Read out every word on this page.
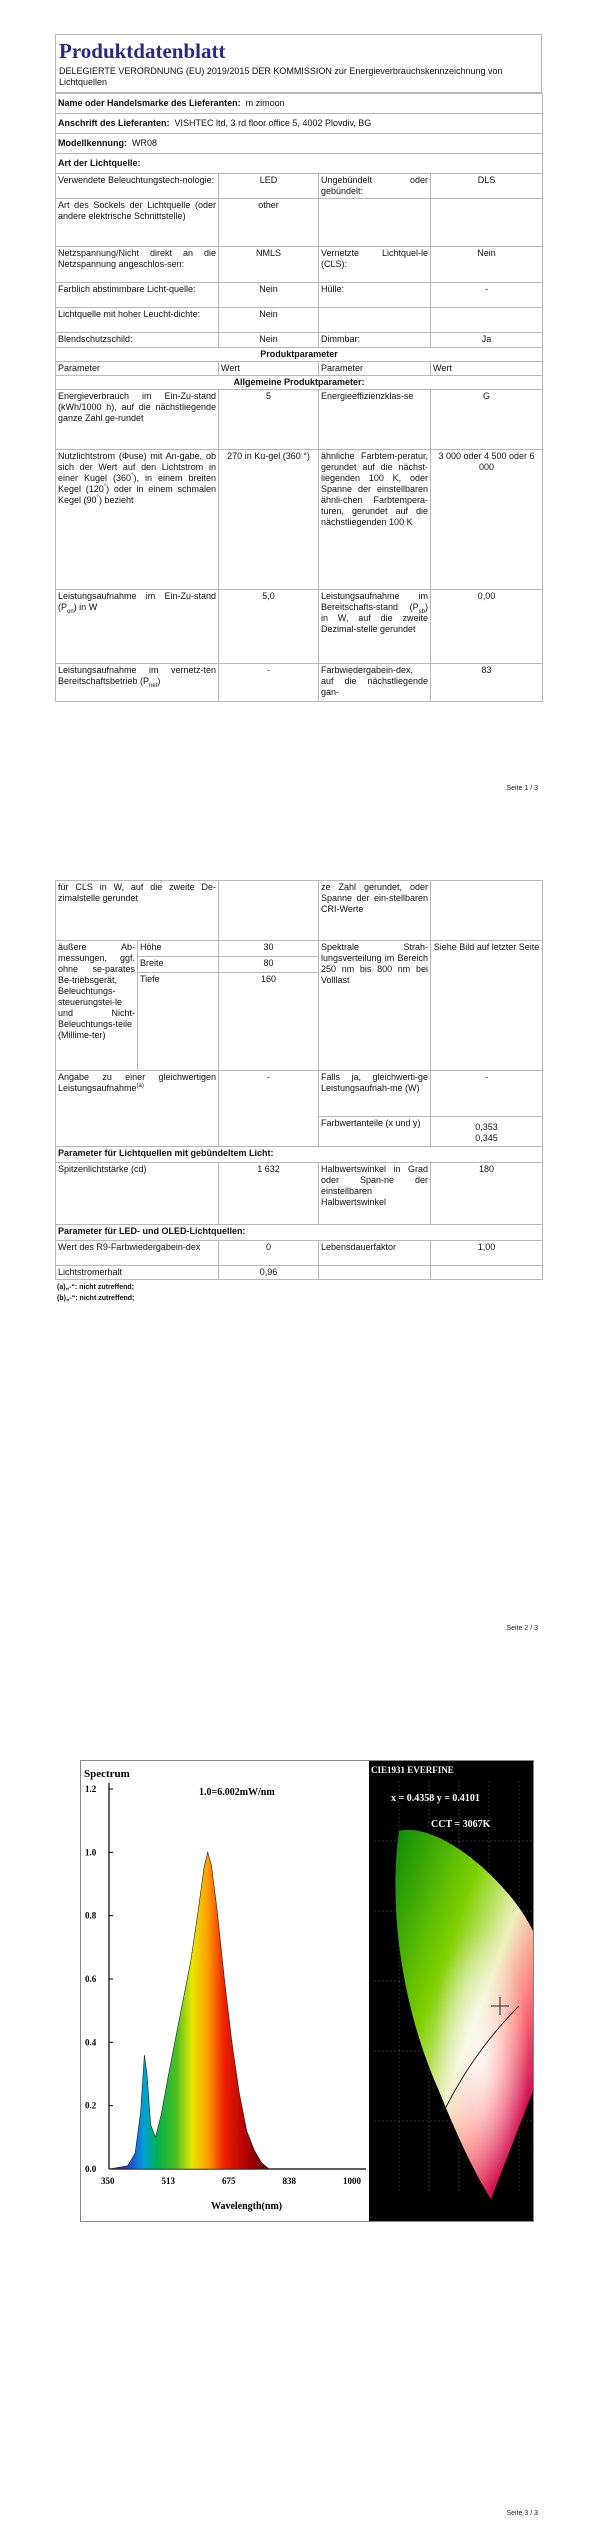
Produktdatenblatt
DELEGIERTE VERORDNUNG (EU) 2019/2015 DER KOMMISSION zur Energieverbrauchskennzeichnung von Lichtquellen
Name oder Handelsmarke des Lieferanten: m zimoon			
Anschrift des Lieferanten: VISHTEC ltd, 3 rd floor office 5, 4002 Plovdiv, BG			
Modellkennung: WR08			
Art der Lichtquelle:			
Verwendete Beleuchtungstech-nologie:	LED	Ungebündelt oder gebündelt:	DLS
Art des Sockels der Lichtquelle (oder andere elektrische Schnittstelle)	other		
Netzspannung/Nicht direkt an die Netzspannung angeschlos-sen:	NMLS	Vernetzte Lichtquel-le (CLS):	Nein
Farblich abstimmbare Licht-quelle:	Nein	Hülle:	-
Lichtquelle mit hoher Leucht-dichte:	Nein		
Blendschutzschild:	Nein	Dimmbar:	Ja
Produktparameter			
Parameter	Wert	Parameter	Wert
Allgemeine Produktparameter:			
Energieverbrauch im Ein-Zu-stand (kWh/1000 h), auf die nächstliegende ganze Zahl ge-rundet	5	Energieeffizienzklas-se	G
Nutzlichtstrom (Φuse) mit An-gabe, ob sich der Wert auf den Lichtstrom in einer Kugel (360°), in einem breiten Kegel (120°) oder in einem schmalen Kegel (90°) bezieht	270 in Ku-gel (360 °)	ähnliche Farbtem-peratur, gerundet auf die nächst-liegenden 100 K, oder Spanne der einstellbaren ähnli-chen Farbtempera-turen, gerundet auf die nächstliegenden 100 K	3 000 oder 4 500 oder 6 000
Leistungsaufnahme im Ein-Zu-stand $(P_{on})$ in W	5,0	Leistungsaufnahme im Bereitschafts-stand $(P_{sb})$ in W, auf die zweite Dezimal-stelle gerundet	0,00
Leistungsaufnahme im vernetz-ten Bereitschaftsbetrieb $(P_{net})$	-	Farbwiedergabein-dex, auf die nächstliegende gan-	83
Seite 1 / 3
für CLS in W, auf die zweite De-zimalstelle gerundet			ze Zahl gerundet, oder Spanne der ein-stellbaren CRI-Werte	
äußere Ab-messungen, ggf. ohne se-parates Be-triebsgerät, Beleuchtungs-steuerungstei-le und Nicht-Beleuchtungs-teile (Millime-ter)	Höhe	30	Spektrale Strah-lungsverteilung im Bereich 250 nm bis 800 nm bei Volllast	Siehe Bild auf letzter Seite
	Breite	80		
	Tiefe	160		
Angabe zu einer gleichwertigen Leistungsaufnahme$^{(a)}$		-	Falls ja, gleichwerti-ge Leistungsaufnah-me (W)	-
			Farbwertanteile (x und y)	0,353
0,345

Parameter für Lichtquellen mit gebündeltem Licht:				
Spitzenlichtstärke (cd)		1 632	Halbwertswinkel in Grad oder Span-ne der einstellbaren Halbwertswinkel	180
Parameter für LED- und OLED-Lichtquellen:				
Wert des R9-Farbwiedergabein-dex		0	Lebensdauerfaktor	1,00
Lichtstromerhalt		0,96		
(a)„-“: nicht zutreffend;
(b)„-“: nicht zutreffend;
Seite 2 / 3
Spectrum
1.0=6.002mW/nm
1.2
1.0
0.8
0.6
0.4
0.2
0.0
350	513	675	838	1000
Wavelength(nm)
CIE1931 EVERFINE
x = 0.4358 y = 0.4101
CCT = 3067K
Seite 3 / 3
